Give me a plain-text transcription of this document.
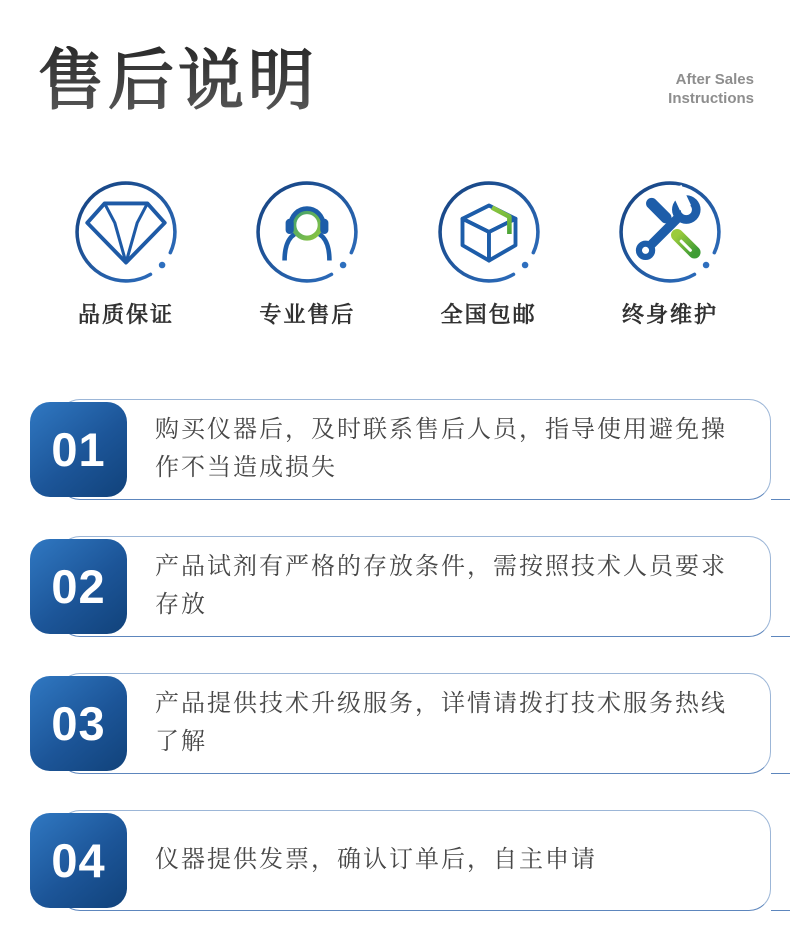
售后说明	After Sales Instructions
品质保证	专业售后	全国包邮	终身维护
01	购买仪器后，及时联系售后人员，指导使用避免操作不当造成损失
02	产品试剂有严格的存放条件，需按照技术人员要求存放
03	产品提供技术升级服务，详情请拨打技术服务热线了解
04	仪器提供发票，确认订单后，自主申请
